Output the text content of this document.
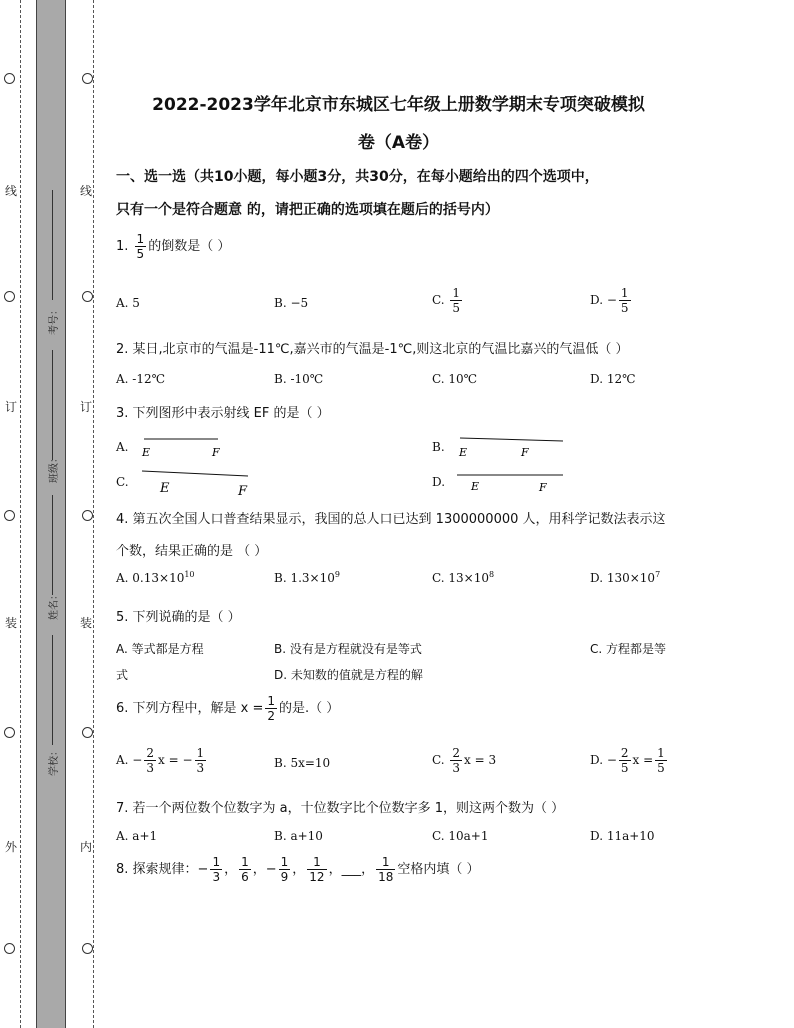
线
订
装
外
线
订
装
内
考号：
班级：
姓名：
学校：
2022-2023学年北京市东城区七年级上册数学期末专项突破模拟
卷（A卷）
一、选一选（共10小题，每小题3分，共30分，在每小题给出的四个选项中，
只有一个是符合题意 的，请把正确的选项填在题后的括号内）
1. $\frac{1}{5}$ 的倒数是（ ）
A. 5	B. −5	C. $\frac{1}{5}$	D. − $\frac{1}{5}$
2. 某日,北京市的气温是-11℃,嘉兴市的气温是-1℃,则这北京的气温比嘉兴的气温低（ ）
A. -12℃	B. -10℃	C. 10℃	D. 12℃
3. 下列图形中表示射线 EF 的是（ ）
A. E	F	B. E	F
C. E	F
D. E	F
4. 第五次全国人口普查结果显示，我国的总人口已达到 1300000000 人，用科学记数法表示这
个数，结果正确的是 （ ）
A. $0.13\times 10^{10}$	B. $1.3\times 10^9$	C. $13\times 10^8$	D. $130\times 10^7$
5. 下列说确的是（ ）
A. 等式都是方程	B. 没有是方程就没有是等式	C. 方程都是等
式	D. 未知数的值就是方程的解
6. 下列方程中，解是 $x = \frac{1}{2}$ 的是.（ ）
A. − $\frac{2}{3}$ x = − $\frac{1}{3}$	B. 5x=10	C. $\frac{2}{3}$ x = 3	D. − $\frac{2}{5}$ $x = \frac{1}{5}$
7. 若一个两位数个位数字为 a，十位数字比个位数字多 1，则这两个数为（ ）
A. a+1	B. a+10	C. 10a+1	D. 11a+10
8. 探索规律：− $\frac{1}{3}$ ， $\frac{1}{6}$ ，− $\frac{1}{9}$ ， $\frac{1}{12}$ ，___， $\frac{1}{18}$ 空格内填（ ）
